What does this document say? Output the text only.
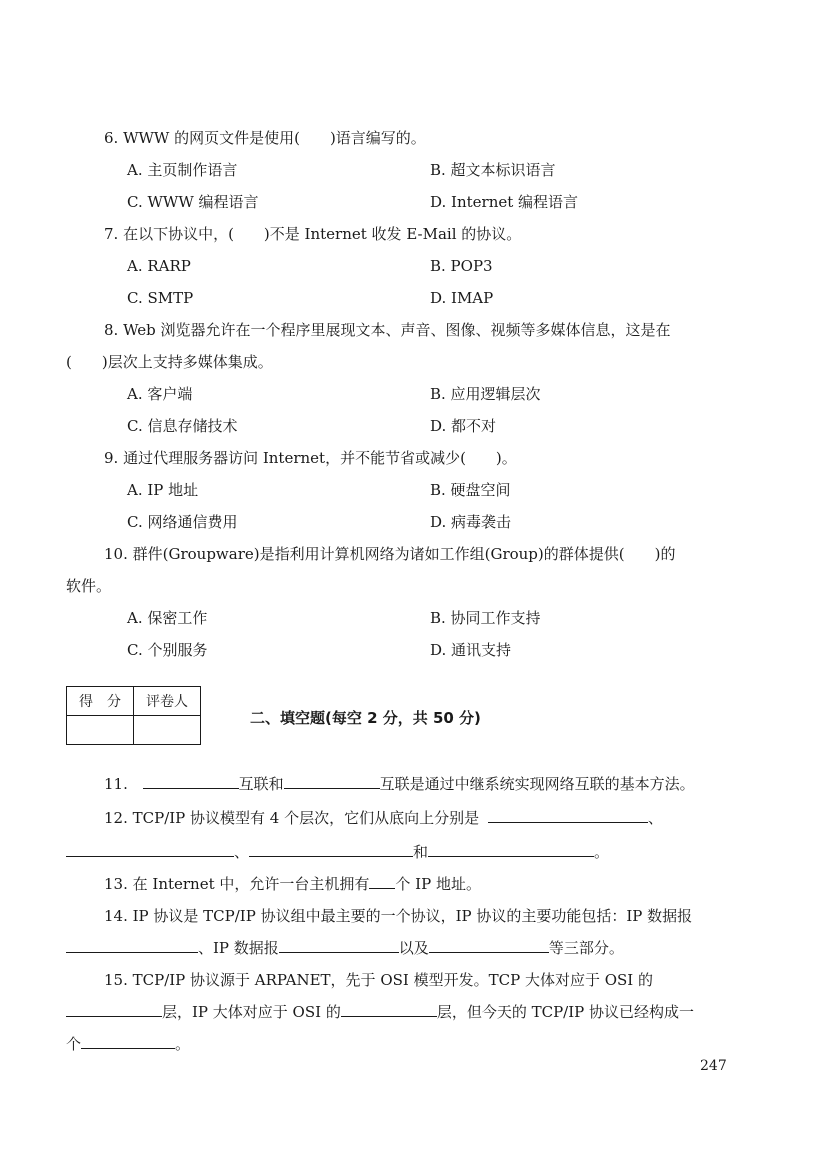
6. WWW 的网页文件是使用(　　)语言编写的。
A. 主页制作语言	B. 超文本标识语言
C. WWW 编程语言	D. Internet 编程语言
7. 在以下协议中，(　　)不是 Internet 收发 E-Mail 的协议。
A. RARP	B. POP3
C. SMTP	D. IMAP
8. Web 浏览器允许在一个程序里展现文本、声音、图像、视频等多媒体信息，这是在
(　　)层次上支持多媒体集成。
A. 客户端	B. 应用逻辑层次
C. 信息存储技术	D. 都不对
9. 通过代理服务器访问 Internet，并不能节省或减少(　　)。
A. IP 地址	B. 硬盘空间
C. 网络通信费用	D. 病毒袭击
10. 群件(Groupware)是指利用计算机网络为诸如工作组(Group)的群体提供(　　)的
软件。
A. 保密工作	B. 协同工作支持
C. 个别服务	D. 通讯支持
得　分	评卷人

二、填空题(每空 2 分，共 50 分)
11.	互联和	互联是通过中继系统实现网络互联的基本方法。
12. TCP/IP 协议模型有 4 个层次，它们从底向上分别是	、
、	和	。
13. 在 Internet 中，允许一台主机拥有 个 IP 地址。
14. IP 协议是 TCP/IP 协议组中最主要的一个协议，IP 协议的主要功能包括：IP 数据报
、IP 数据报	以及	等三部分。
15. TCP/IP 协议源于 ARPANET，先于 OSI 模型开发。TCP 大体对应于 OSI 的
层，IP 大体对应于 OSI 的	层，但今天的 TCP/IP 协议已经构成一
个	。
247
